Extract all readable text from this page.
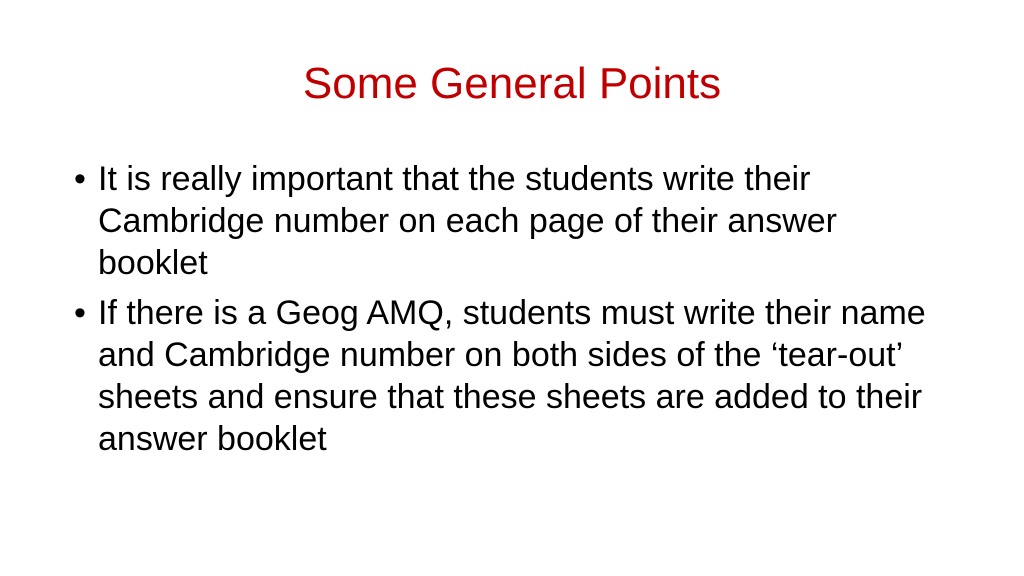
Some General Points
• It is really important that the students write their Cambridge number on each page of their answer booklet
• If there is a Geog AMQ, students must write their name and Cambridge number on both sides of the ‘tear-out’ sheets and ensure that these sheets are added to their answer booklet
